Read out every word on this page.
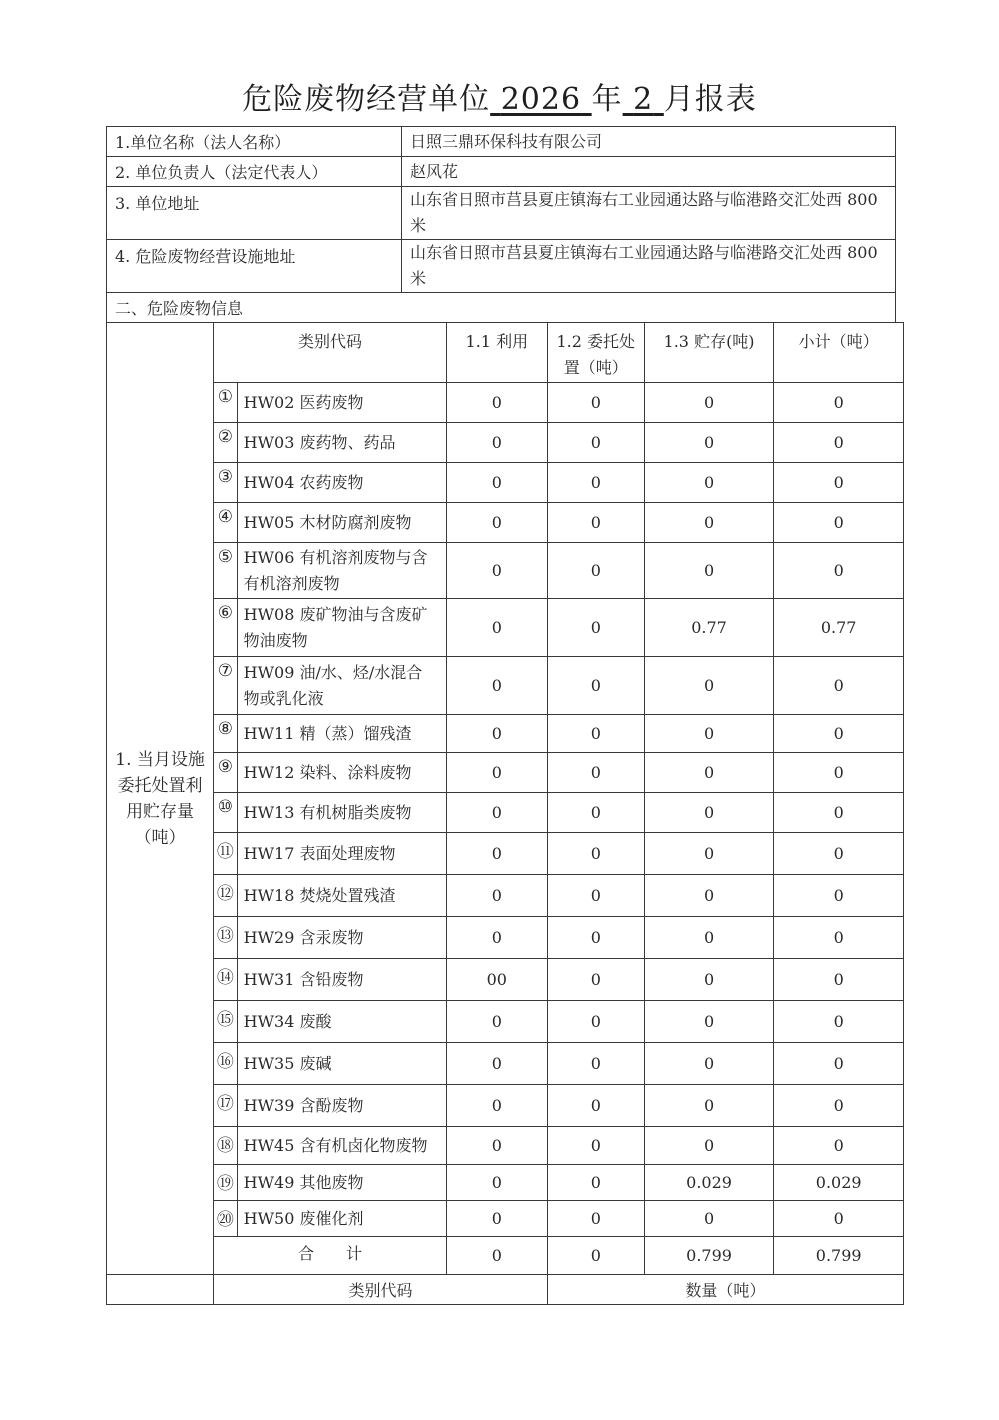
危险废物经营单位 2026 年 2 月报表
1.单位名称（法人名称）	日照三鼎环保科技有限公司
2. 单位负责人（法定代表人）	赵风花
3. 单位地址	山东省日照市莒县夏庄镇海右工业园通达路与临港路交汇处西 800 米
4. 危险废物经营设施地址	山东省日照市莒县夏庄镇海右工业园通达路与临港路交汇处西 800 米
二、危险废物信息	
1. 当月设施委托处置利用贮存量（吨）	类别代码		1.1 利用	1.2 委托处置（吨）	1.3 贮存(吨)	小计（吨）
	①	HW02 医药废物	0	0	0	0
	②	HW03 废药物、药品	0	0	0	0
	③	HW04 农药废物	0	0	0	0
	④	HW05 木材防腐剂废物	0	0	0	0
	⑤	HW06 有机溶剂废物与含有机溶剂废物	0	0	0	0
	⑥	HW08 废矿物油与含废矿物油废物	0	0	0.77	0.77
	⑦	HW09 油/水、烃/水混合物或乳化液	0	0	0	0
	⑧	HW11 精（蒸）馏残渣	0	0	0	0
	⑨	HW12 染料、涂料废物	0	0	0	0
	⑩	HW13 有机树脂类废物	0	0	0	0
	⑪	HW17 表面处理废物	0	0	0	0
	⑫	HW18 焚烧处置残渣	0	0	0	0
	⑬	HW29 含汞废物	0	0	0	0
	⑭	HW31 含铅废物	00	0	0	0
	⑮	HW34 废酸	0	0	0	0
	⑯	HW35 废碱	0	0	0	0
	⑰	HW39 含酚废物	0	0	0	0
	⑱	HW45 含有机卤化物废物	0	0	0	0
	⑲	HW49 其他废物	0	0	0.029	0.029
	⑳	HW50 废催化剂	0	0	0	0
	合　　计		0	0	0.799	0.799
	类别代码			数量（吨）		
